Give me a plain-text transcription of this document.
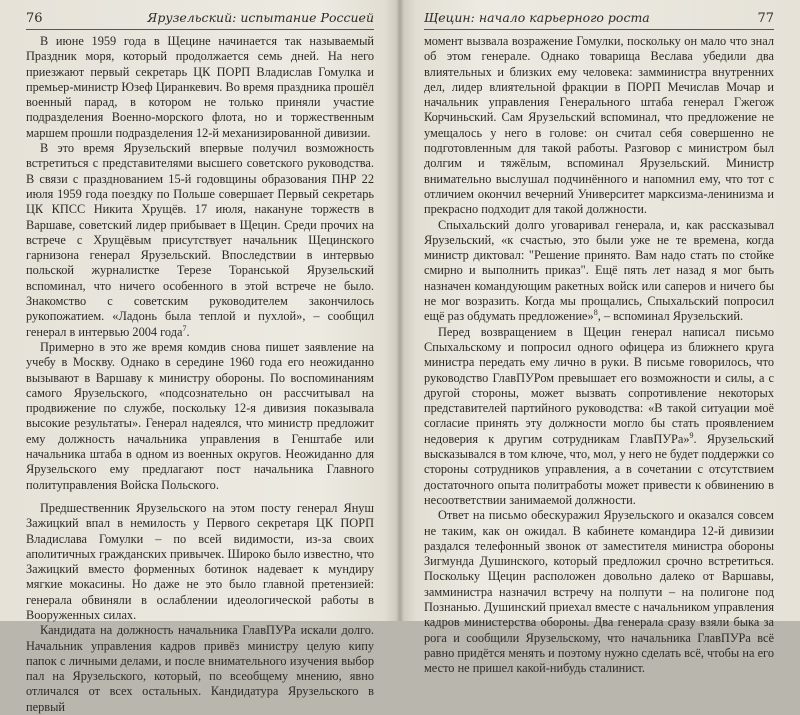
76	Ярузельский: испытание Россией

В июне 1959 года в Щецине начинается так называемый Праздник моря, который продолжается семь дней. На него приезжают первый секретарь ЦК ПОРП Владислав Гомулка и премьер-министр Юзеф Циранкевич. Во время праздника прошёл военный парад, в котором не только приняли участие подразделения Военно-морского флота, но и торжественным маршем прошли подразделения 12-й механизированной дивизии.

В это время Ярузельский впервые получил возможность встретиться с представителями высшего советского руководства. В связи с празднованием 15-й годовщины образования ПНР 22 июля 1959 года поездку по Польше совершает Первый секретарь ЦК КПСС Никита Хрущёв. 17 июля, накануне торжеств в Варшаве, советский лидер прибывает в Щецин. Среди прочих на встрече с Хрущёвым присутствует начальник Щецинского гарнизона генерал Ярузельский. Впоследствии в интервью польской журналистке Терезе Торанськой Ярузельский вспоминал, что ничего особенного в этой встрече не было. Знакомство с советским руководителем закончилось рукопожатием. «Ладонь была теплой и пухлой», – сообщил генерал в интервью 2004 года$^7$.

Примерно в это же время комдив снова пишет заявление на учебу в Москву. Однако в середине 1960 года его неожиданно вызывают в Варшаву к министру обороны. По воспоминаниям самого Ярузельского, «подсознательно он рассчитывал на продвижение по службе, поскольку 12-я дивизия показывала высокие результаты». Генерал надеялся, что министр предложит ему должность начальника управления в Генштабе или начальника штаба в одном из военных округов. Неожиданно для Ярузельского ему предлагают пост начальника Главного политуправления Войска Польского.

Предшественник Ярузельского на этом посту генерал Януш Зажицкий впал в немилость у Первого секретаря ЦК ПОРП Владислава Гомулки – по всей видимости, из-за своих аполитичных гражданских привычек. Широко было известно, что Зажицкий вместо форменных ботинок надевает к мундиру мягкие мокасины. Но даже не это было главной претензией: генерала обвиняли в ослаблении идеологической работы в Вооруженных силах.

Кандидата на должность начальника ГлавПУРа искали долго. Начальник управления кадров привёз министру целую кипу папок с личными делами, и после внимательного изучения выбор пал на Ярузельского, который, по всеобщему мнению, явно отличался от всех остальных. Кандидатура Ярузельского в первый

Щецин: начало карьерного роста	77

момент вызвала возражение Гомулки, поскольку он мало что знал об этом генерале. Однако товарища Веслава убедили два влиятельных и близких ему человека: замминистра внутренних дел, лидер влиятельной фракции в ПОРП Мечислав Мочар и начальник управления Генерального штаба генерал Гжегож Корчиньский. Сам Ярузельский вспоминал, что предложение не умещалось у него в голове: он считал себя совершенно не подготовленным для такой работы. Разговор с министром был долгим и тяжёлым, вспоминал Ярузельский. Министр внимательно выслушал подчинённого и напомнил ему, что тот с отличием окончил вечерний Университет марксизма-ленинизма и прекрасно подходит для такой должности.

Спыхальский долго уговаривал генерала, и, как рассказывал Ярузельский, «к счастью, это были уже не те времена, когда министр диктовал: "Решение принято. Вам надо стать по стойке смирно и выполнить приказ". Ещё пять лет назад я мог быть назначен командующим ракетных войск или саперов и ничего бы не мог возразить. Когда мы прощались, Спыхальский попросил ещё раз обдумать предложение»$^8$, – вспоминал Ярузельский.

Перед возвращением в Щецин генерал написал письмо Спыхальскому и попросил одного офицера из ближнего круга министра передать ему лично в руки. В письме говорилось, что руководство ГлавПУРом превышает его возможности и силы, а с другой стороны, может вызвать сопротивление некоторых представителей партийного руководства: «В такой ситуации моё согласие принять эту должности могло бы стать проявлением недоверия к другим сотрудникам ГлавПУРа»$^9$. Ярузельский высказывался в том ключе, что, мол, у него не будет поддержки со стороны сотрудников управления, а в сочетании с отсутствием достаточного опыта политработы может привести к обвинению в несоответствии занимаемой должности.

Ответ на письмо обескуражил Ярузельского и оказался совсем не таким, как он ожидал. В кабинете командира 12-й дивизии раздался телефонный звонок от заместителя министра обороны Зигмунда Душинского, который предложил срочно встретиться. Поскольку Щецин расположен довольно далеко от Варшавы, замминистра назначил встречу на полпути – на полигоне под Познанью. Душинский приехал вместе с начальником управления кадров министерства обороны. Два генерала сразу взяли быка за рога и сообщили Ярузельскому, что начальника ГлавПУРа всё равно придётся менять и поэтому нужно сделать всё, чтобы на его место не пришел какой-нибудь сталинист.
